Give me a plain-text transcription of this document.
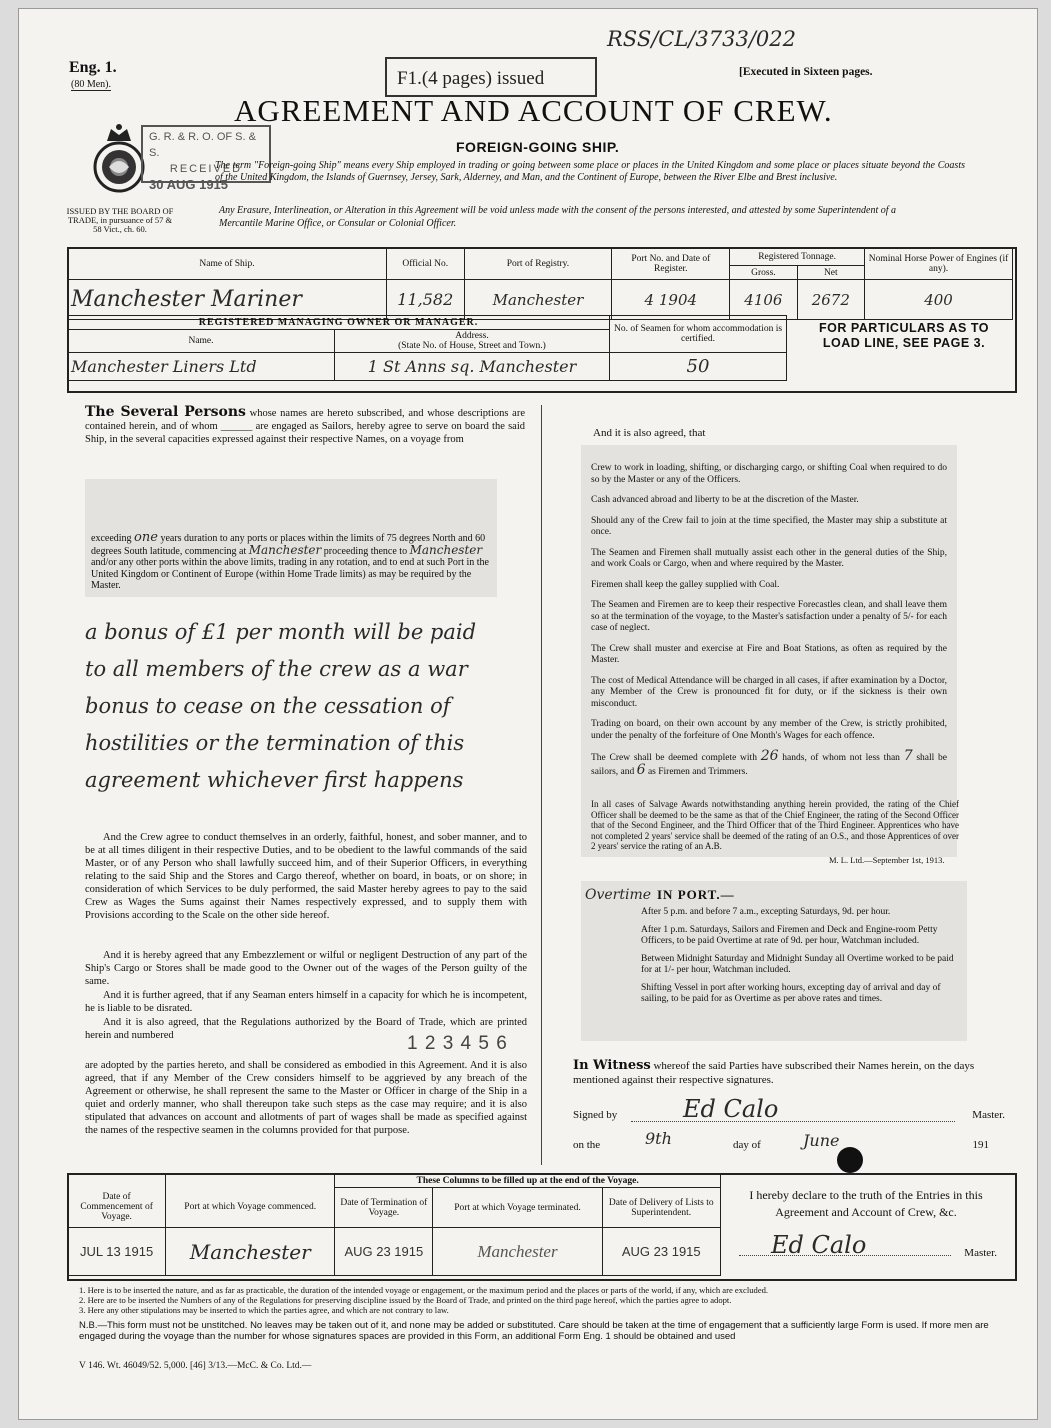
Eng. 1.
(80 Men).	F1.(4 pages) issued
RSS/CL/3733/022
[Executed in Sixteen pages.
AGREEMENT AND ACCOUNT OF CREW.
FOREIGN-GOING SHIP.
ISSUED BY THE BOARD OF TRADE, in pursuance of 57 & 58 Vict., ch. 60.
G. R. & R. O. OF S. & S.
RECEIVED
30 AUG 1915
The term "Foreign-going Ship" means every Ship employed in trading or going between some place or places in the United Kingdom and some place or places situate beyond the Coasts of the United Kingdom, the Islands of Guernsey, Jersey, Sark, Alderney, and Man, and the Continent of Europe, between the River Elbe and Brest inclusive.
Any Erasure, Interlineation, or Alteration in this Agreement will be void unless made with the consent of the persons interested, and attested by some Superintendent of a Mercantile Marine Office, or Consular or Colonial Officer.
Name of Ship.	Official No.	Port of Registry.	Port No. and Date of Register.	Registered Tonnage.		Nominal Horse Power of Engines (if any).
				Gross.	Net	
Manchester Mariner	11,582	Manchester	4 1904	4106	2672	400
REGISTERED MANAGING OWNER OR MANAGER.		No. of Seamen for whom accommodation is certified.
Name.	Address.
(State No. of House, Street and Town.)	
Manchester Liners Ltd	1 St Anns sq. Manchester	50
FOR PARTICULARS AS TO LOAD LINE, SEE PAGE 3.
The Several Persons whose names are hereto subscribed, and whose descriptions are contained herein, and of whom ______ are engaged as Sailors, hereby agree to serve on board the said Ship, in the several capacities expressed against their respective Names, on a voyage from
exceeding one years duration to any ports or places within the limits of 75 degrees North and 60 degrees South latitude, commencing at Manchester proceeding thence to Manchester and/or any other ports within the above limits, trading in any rotation, and to end at such Port in the United Kingdom or Continent of Europe (within Home Trade limits) as may be required by the Master.
a bonus of £1 per month will be paid
to all members of the crew as a war
bonus to cease on the cessation of
hostilities or the termination of this
agreement whichever first happens
And the Crew agree to conduct themselves in an orderly, faithful, honest, and sober manner, and to be at all times diligent in their respective Duties, and to be obedient to the lawful commands of the said Master, or of any Person who shall lawfully succeed him, and of their Superior Officers, in everything relating to the said Ship and the Stores and Cargo thereof, whether on board, in boats, or on shore; in consideration of which Services to be duly performed, the said Master hereby agrees to pay to the said Crew as Wages the Sums against their Names respectively expressed, and to supply them with Provisions according to the Scale on the other side hereof.
And it is hereby agreed that any Embezzlement or wilful or negligent Destruction of any part of the Ship's Cargo or Stores shall be made good to the Owner out of the wages of the Person guilty of the same.
And it is further agreed, that if any Seaman enters himself in a capacity for which he is incompetent, he is liable to be disrated.
And it is also agreed, that the Regulations authorized by the Board of Trade, which are printed herein and numbered	1 2 3 4 5 6
are adopted by the parties hereto, and shall be considered as embodied in this Agreement. And it is also agreed, that if any Member of the Crew considers himself to be aggrieved by any breach of the Agreement or otherwise, he shall represent the same to the Master or Officer in charge of the Ship in a quiet and orderly manner, who shall thereupon take such steps as the case may require; and it is also stipulated that advances on account and allotments of part of wages shall be made as specified against the names of the respective seamen in the columns provided for that purpose.
And it is also agreed, that

Crew to work in loading, shifting, or discharging cargo, or shifting Coal when required to do so by the Master or any of the Officers.

Cash advanced abroad and liberty to be at the discretion of the Master.

Should any of the Crew fail to join at the time specified, the Master may ship a substitute at once.

The Seamen and Firemen shall mutually assist each other in the general duties of the Ship, and work Coals or Cargo, when and where required by the Master.

Firemen shall keep the galley supplied with Coal.

The Seamen and Firemen are to keep their respective Forecastles clean, and shall leave them so at the termination of the voyage, to the Master's satisfaction under a penalty of 5/- for each case of neglect.

The Crew shall muster and exercise at Fire and Boat Stations, as often as required by the Master.

The cost of Medical Attendance will be charged in all cases, if after examination by a Doctor, any Member of the Crew is pronounced fit for duty, or if the sickness is their own misconduct.

Trading on board, on their own account by any member of the Crew, is strictly prohibited, under the penalty of the forfeiture of One Month's Wages for each offence.

The Crew shall be deemed complete with 26 hands, of whom not less than 7 shall be sailors, and 6 as Firemen and Trimmers.

In all cases of Salvage Awards notwithstanding anything herein provided, the rating of the Chief Officer shall be deemed to be the same as that of the Chief Engineer, the rating of the Second Officer that of the Second Engineer, and the Third Officer that of the Third Engineer. Apprentices who have not completed 2 years' service shall be deemed of the rating of an O.S., and those Apprentices of over 2 years' service the rating of an A.B.
M. L. Ltd.—September 1st, 1913.
Overtime IN PORT.—

After 5 p.m. and before 7 a.m., excepting Saturdays, 9d. per hour.

After 1 p.m. Saturdays, Sailors and Firemen and Deck and Engine-room Petty Officers, to be paid Overtime at rate of 9d. per hour, Watchman included.

Between Midnight Saturday and Midnight Sunday all Overtime worked to be paid for at 1/- per hour, Watchman included.

Shifting Vessel in port after working hours, excepting day of arrival and day of sailing, to be paid for as Overtime as per above rates and times.

In Witness whereof the said Parties have subscribed their Names herein, on the days mentioned against their respective signatures.
Signed by	Ed Calo	Master.
on the	9th	day of	June	191
		These Columns to be filled up at the end of the Voyage.		
Date of Commencement of Voyage.	Port at which Voyage commenced.	Date of Termination of Voyage.	Port at which Voyage terminated.	Date of Delivery of Lists to Superintendent.
JUL 13 1915	Manchester	AUG 23 1915	Manchester	AUG 23 1915
I hereby declare to the truth of the Entries in this Agreement and Account of Crew, &c.
Ed Calo	Master.
1. Here is to be inserted the nature, and as far as practicable, the duration of the intended voyage or engagement, or the maximum period and the places or parts of the world, if any, which are excluded.
2. Here are to be inserted the Numbers of any of the Regulations for preserving discipline issued by the Board of Trade, and printed on the third page hereof, which the parties agree to adopt.
3. Here any other stipulations may be inserted to which the parties agree, and which are not contrary to law.
N.B.—This form must not be unstitched. No leaves may be taken out of it, and none may be added or substituted. Care should be taken at the time of engagement that a sufficiently large Form is used. If more men are engaged during the voyage than the number for whose signatures spaces are provided in this Form, an additional Form Eng. 1 should be obtained and used
V 146. Wt. 46049/52. 5,000. [46] 3/13.—McC. & Co. Ltd.—
